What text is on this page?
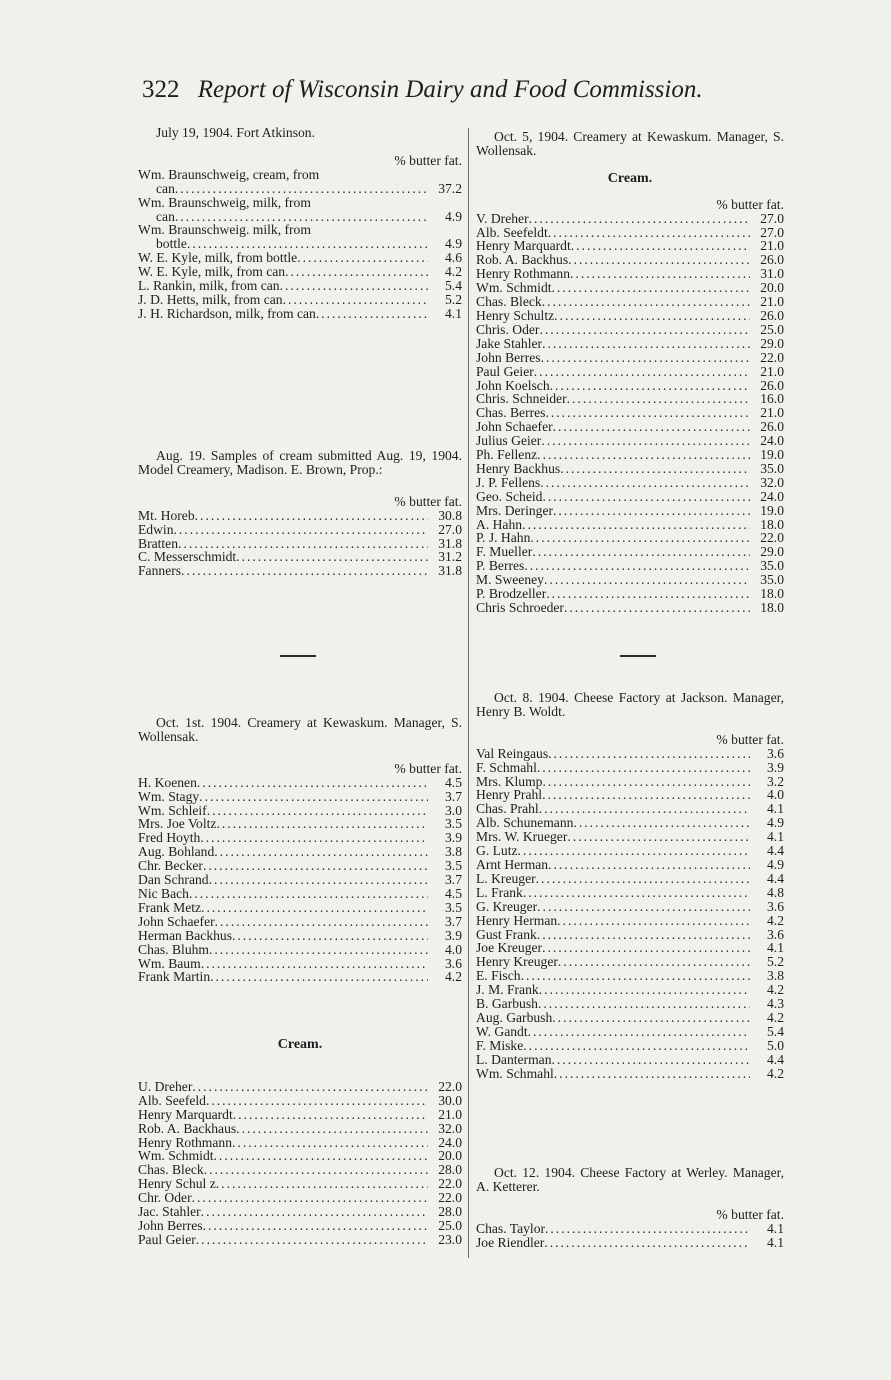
322 Report of Wisconsin Dairy and Food Commission.

July 19, 1904. Fort Atkinson.

% butter fat.
Wm. Braunschweig, cream, from
can .....	37.2
Wm. Braunschweig, milk, from
can .....	4.9
Wm. Braunschweig. milk, from
bottle .....	4.9
W. E. Kyle, milk, from bottle .....	4.6
W. E. Kyle, milk, from can .....	4.2
L. Rankin, milk, from can .....	5.4
J. D. Hetts, milk, from can .....	5.2
J. H. Richardson, milk, from can .....	4.1

Aug. 19. Samples of cream submitted Aug. 19, 1904. Model Creamery, Madison. E. Brown, Prop.:

% butter fat.
Mt. Horeb .....	30.8
Edwin .....	27.0
Bratten .....	31.8
C. Messerschmidt .....	31.2
Fanners .....	31.8

Oct. 1st. 1904. Creamery at Kewaskum. Manager, S. Wollensak.

% butter fat.
H. Koenen .....	4.5
Wm. Stagy .....	3.7
Wm. Schleif .....	3.0
Mrs. Joe Voltz .....	3.5
Fred Hoyth .....	3.9
Aug. Bohland .....	3.8
Chr. Becker .....	3.5
Dan Schrand .....	3.7
Nic Bach .....	4.5
Frank Metz .....	3.5
John Schaefer .....	3.7
Herman Backhus .....	3.9
Chas. Bluhm .....	4.0
Wm. Baum .....	3.6
Frank Martin .....	4.2
Cream.
U. Dreher .....	22.0
Alb. Seefeld .....	30.0
Henry Marquardt .....	21.0
Rob. A. Backhaus .....	32.0
Henry Rothmann .....	24.0
Wm. Schmidt .....	20.0
Chas. Bleck .....	28.0
Henry Schul z .....	22.0
Chr. Oder .....	22.0
Jac. Stahler .....	28.0
John Berres .....	25.0
Paul Geier .....	23.0

Oct. 5, 1904. Creamery at Kewaskum. Manager, S. Wollensak.

Cream.
% butter fat.
V. Dreher .....	27.0
Alb. Seefeldt .....	27.0
Henry Marquardt .....	21.0
Rob. A. Backhus .....	26.0
Henry Rothmann .....	31.0
Wm. Schmidt .....	20.0
Chas. Bleck .....	21.0
Henry Schultz .....	26.0
Chris. Oder .....	25.0
Jake Stahler .....	29.0
John Berres .....	22.0
Paul Geier .....	21.0
John Koelsch .....	26.0
Chris. Schneider .....	16.0
Chas. Berres .....	21.0
John Schaefer .....	26.0
Julius Geier .....	24.0
Ph. Fellenz .....	19.0
Henry Backhus .....	35.0
J. P. Fellens .....	32.0
Geo. Scheid .....	24.0
Mrs. Deringer .....	19.0
A. Hahn .....	18.0
P. J. Hahn .....	22.0
F. Mueller .....	29.0
P. Berres .....	35.0
M. Sweeney .....	35.0
P. Brodzeller .....	18.0
Chris Schroeder .....	18.0

Oct. 8. 1904. Cheese Factory at Jackson. Manager, Henry B. Woldt.

% butter fat.
Val Reingaus .....	3.6
F. Schmahl .....	3.9
Mrs. Klump .....	3.2
Henry Prahl .....	4.0
Chas. Prahl .....	4.1
Alb. Schunemann .....	4.9
Mrs. W. Krueger .....	4.1
G. Lutz .....	4.4
Arnt Herman .....	4.9
L. Kreuger .....	4.4
L. Frank .....	4.8
G. Kreuger .....	3.6
Henry Herman .....	4.2
Gust Frank .....	3.6
Joe Kreuger .....	4.1
Henry Kreuger .....	5.2
E. Fisch .....	3.8
J. M. Frank .....	4.2
B. Garbush .....	4.3
Aug. Garbush .....	4.2
W. Gandt .....	5.4
F. Miske .....	5.0
L. Danterman .....	4.4
Wm. Schmahl .....	4.2

Oct. 12. 1904. Cheese Factory at Werley. Manager, A. Ketterer.

% butter fat.
Chas. Taylor .....	4.1
Joe Riendler .....	4.1
